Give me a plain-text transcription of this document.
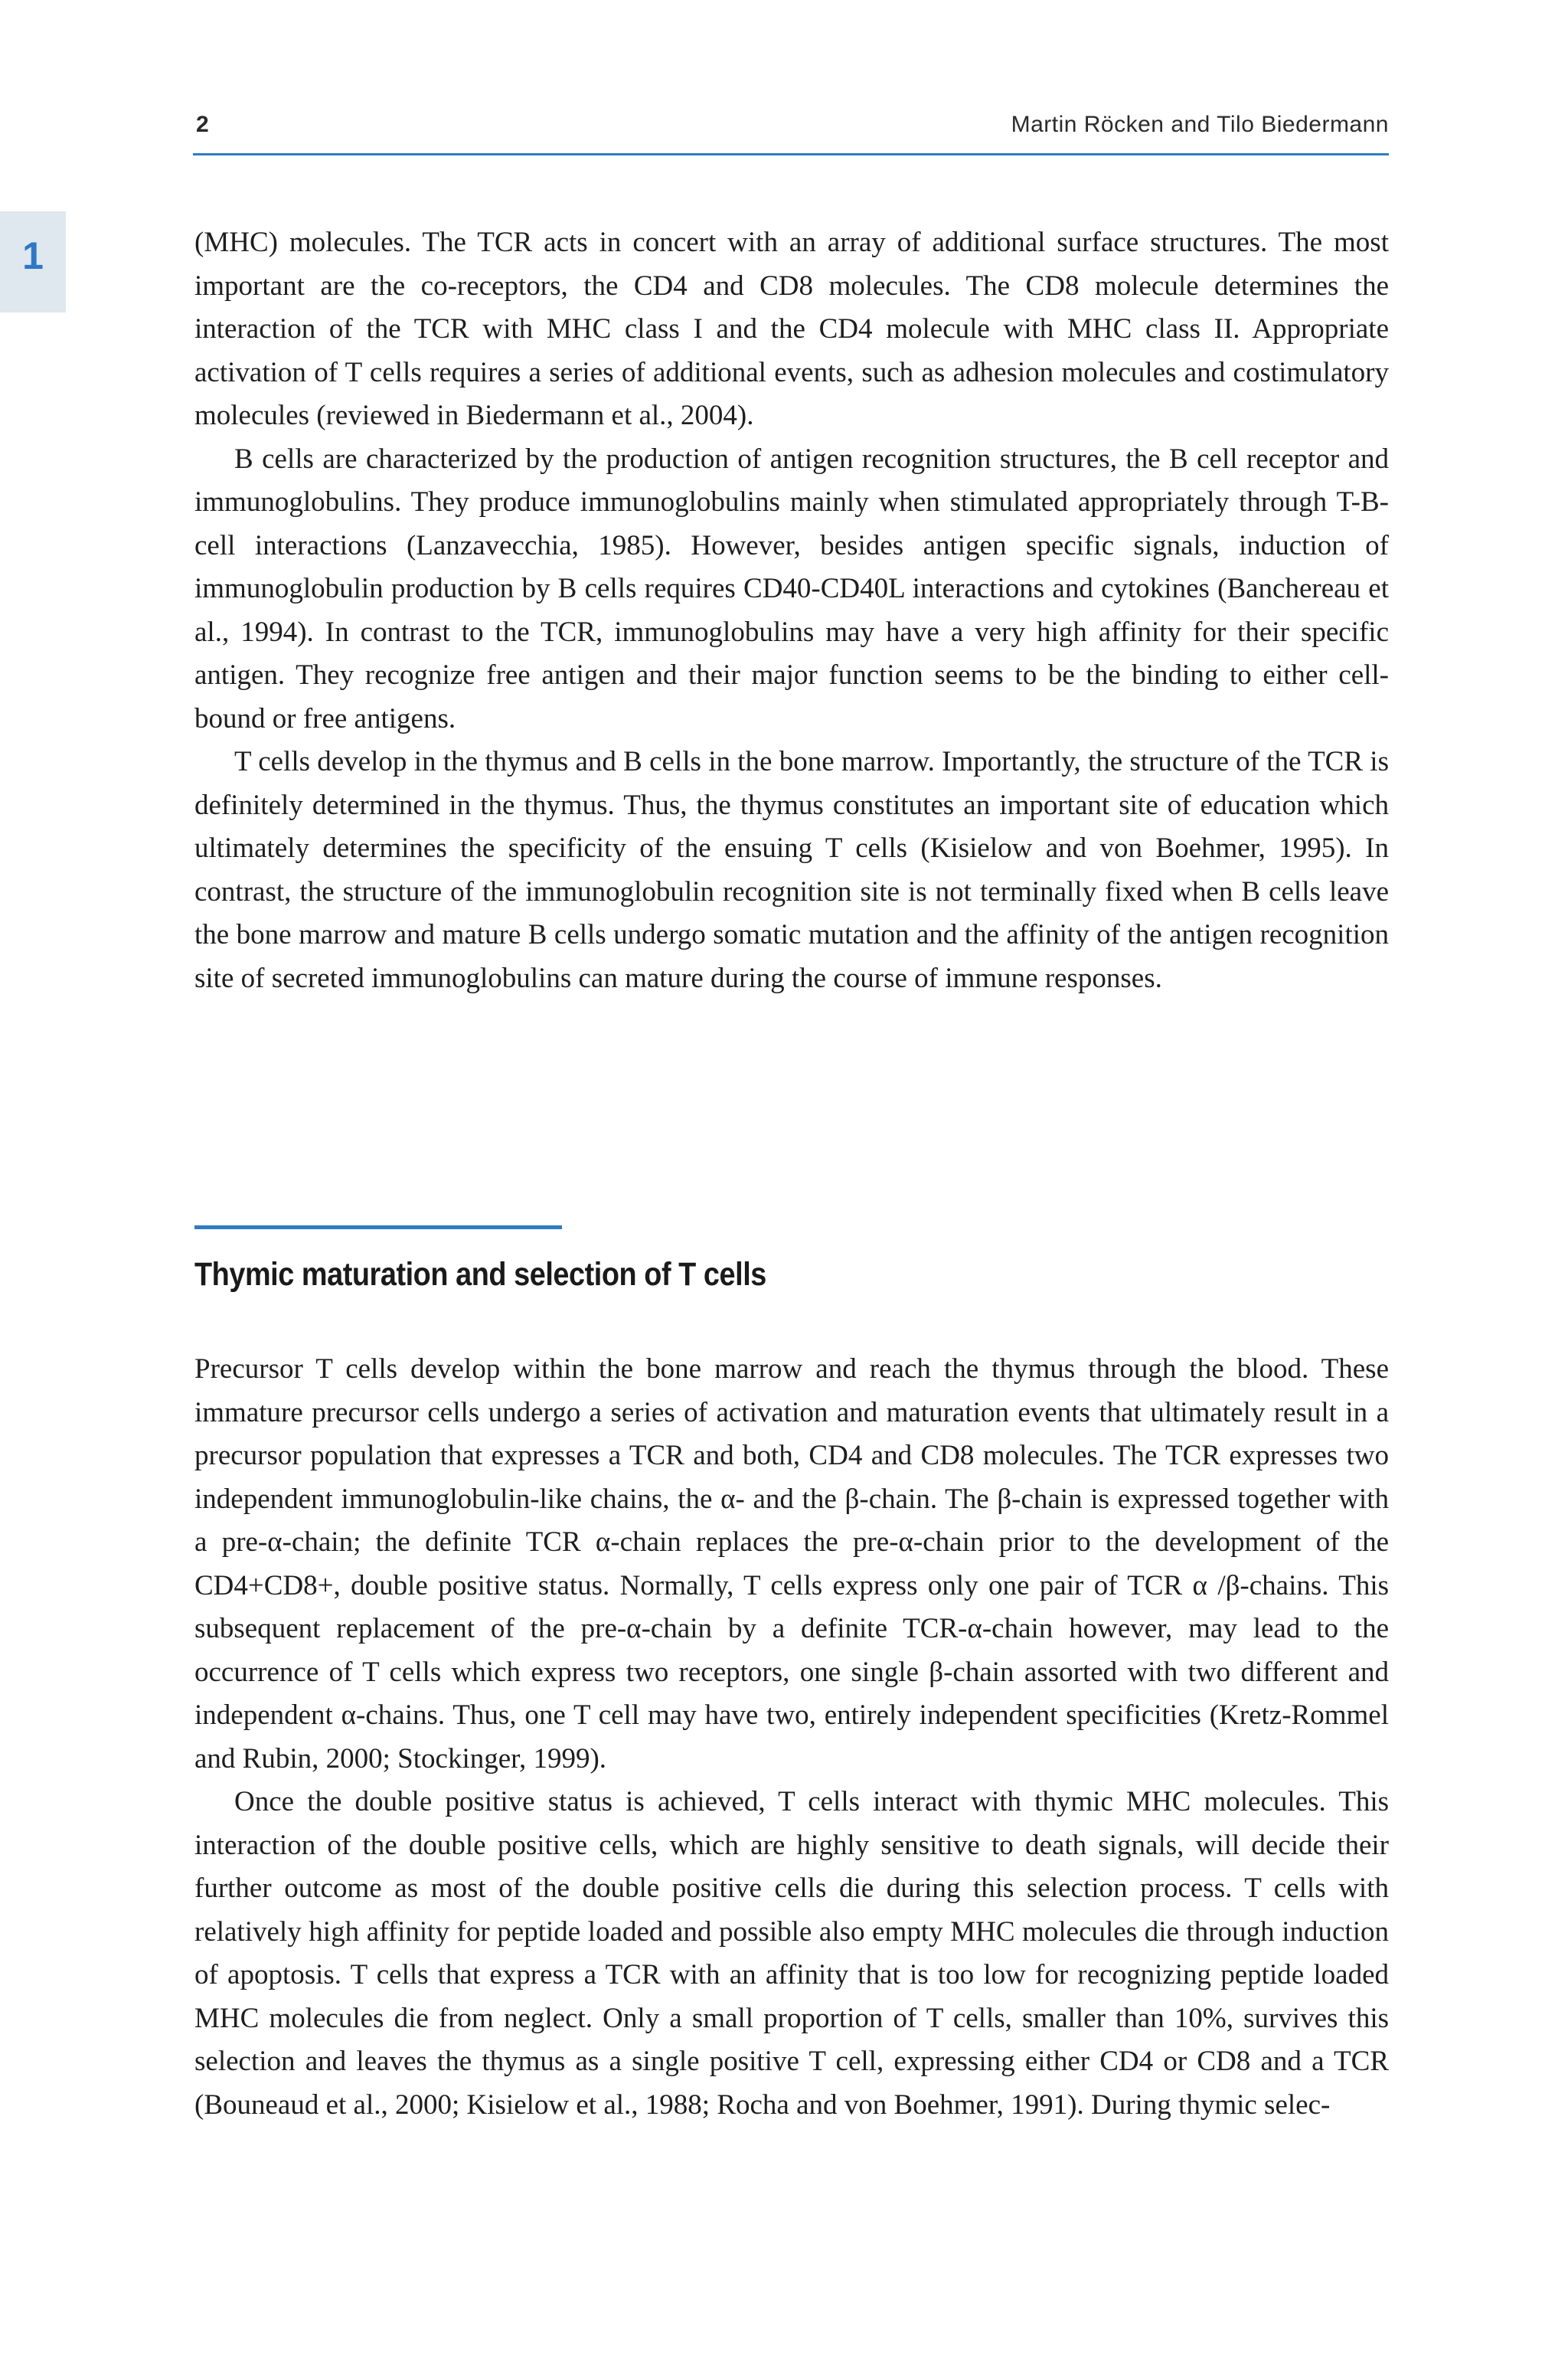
1
2	Martin Röcken and Tilo Biedermann

(MHC) molecules. The TCR acts in concert with an array of additional surface structures. The most important are the co-receptors, the CD4 and CD8 molecules. The CD8 molecule determines the interaction of the TCR with MHC class I and the CD4 molecule with MHC class II. Appropriate activation of T cells requires a series of additional events, such as adhesion molecules and costimulatory molecules (reviewed in Biedermann et al., 2004).

B cells are characterized by the production of antigen recognition structures, the B cell receptor and immunoglobulins. They produce immunoglobulins mainly when stimulated appropriately through T-B-cell interactions (Lanzavecchia, 1985). However, besides antigen specific signals, induction of immunoglobulin production by B cells requires CD40-CD40L interactions and cytokines (Banchereau et al., 1994). In contrast to the TCR, immunoglobulins may have a very high affinity for their specific antigen. They recognize free antigen and their major function seems to be the binding to either cell-bound or free antigens.

T cells develop in the thymus and B cells in the bone marrow. Importantly, the structure of the TCR is definitely determined in the thymus. Thus, the thymus constitutes an important site of education which ultimately determines the specificity of the ensuing T cells (Kisielow and von Boehmer, 1995). In contrast, the structure of the immunoglobulin recognition site is not terminally fixed when B cells leave the bone marrow and mature B cells undergo somatic mutation and the affinity of the antigen recognition site of secreted immunoglobulins can mature during the course of immune responses.

Thymic maturation and selection of T cells

Precursor T cells develop within the bone marrow and reach the thymus through the blood. These immature precursor cells undergo a series of activation and maturation events that ultimately result in a precursor population that expresses a TCR and both, CD4 and CD8 molecules. The TCR expresses two independent immunoglobulin-like chains, the α- and the β-chain. The β-chain is expressed together with a pre-α-chain; the definite TCR α-chain replaces the pre-α-chain prior to the development of the CD4+CD8+, double positive status. Normally, T cells express only one pair of TCR α /β-chains. This subsequent replacement of the pre-α-chain by a definite TCR-α-chain however, may lead to the occurrence of T cells which express two receptors, one single β-chain assorted with two different and independent α-chains. Thus, one T cell may have two, entirely independent specificities (Kretz-Rommel and Rubin, 2000; Stockinger, 1999).

Once the double positive status is achieved, T cells interact with thymic MHC molecules. This interaction of the double positive cells, which are highly sensitive to death signals, will decide their further outcome as most of the double positive cells die during this selection process. T cells with relatively high affinity for peptide loaded and possible also empty MHC molecules die through induction of apoptosis. T cells that express a TCR with an affinity that is too low for recognizing peptide loaded MHC molecules die from neglect. Only a small proportion of T cells, smaller than 10%, survives this selection and leaves the thymus as a single positive T cell, expressing either CD4 or CD8 and a TCR (Bouneaud et al., 2000; Kisielow et al., 1988; Rocha and von Boehmer, 1991). During thymic selec-
